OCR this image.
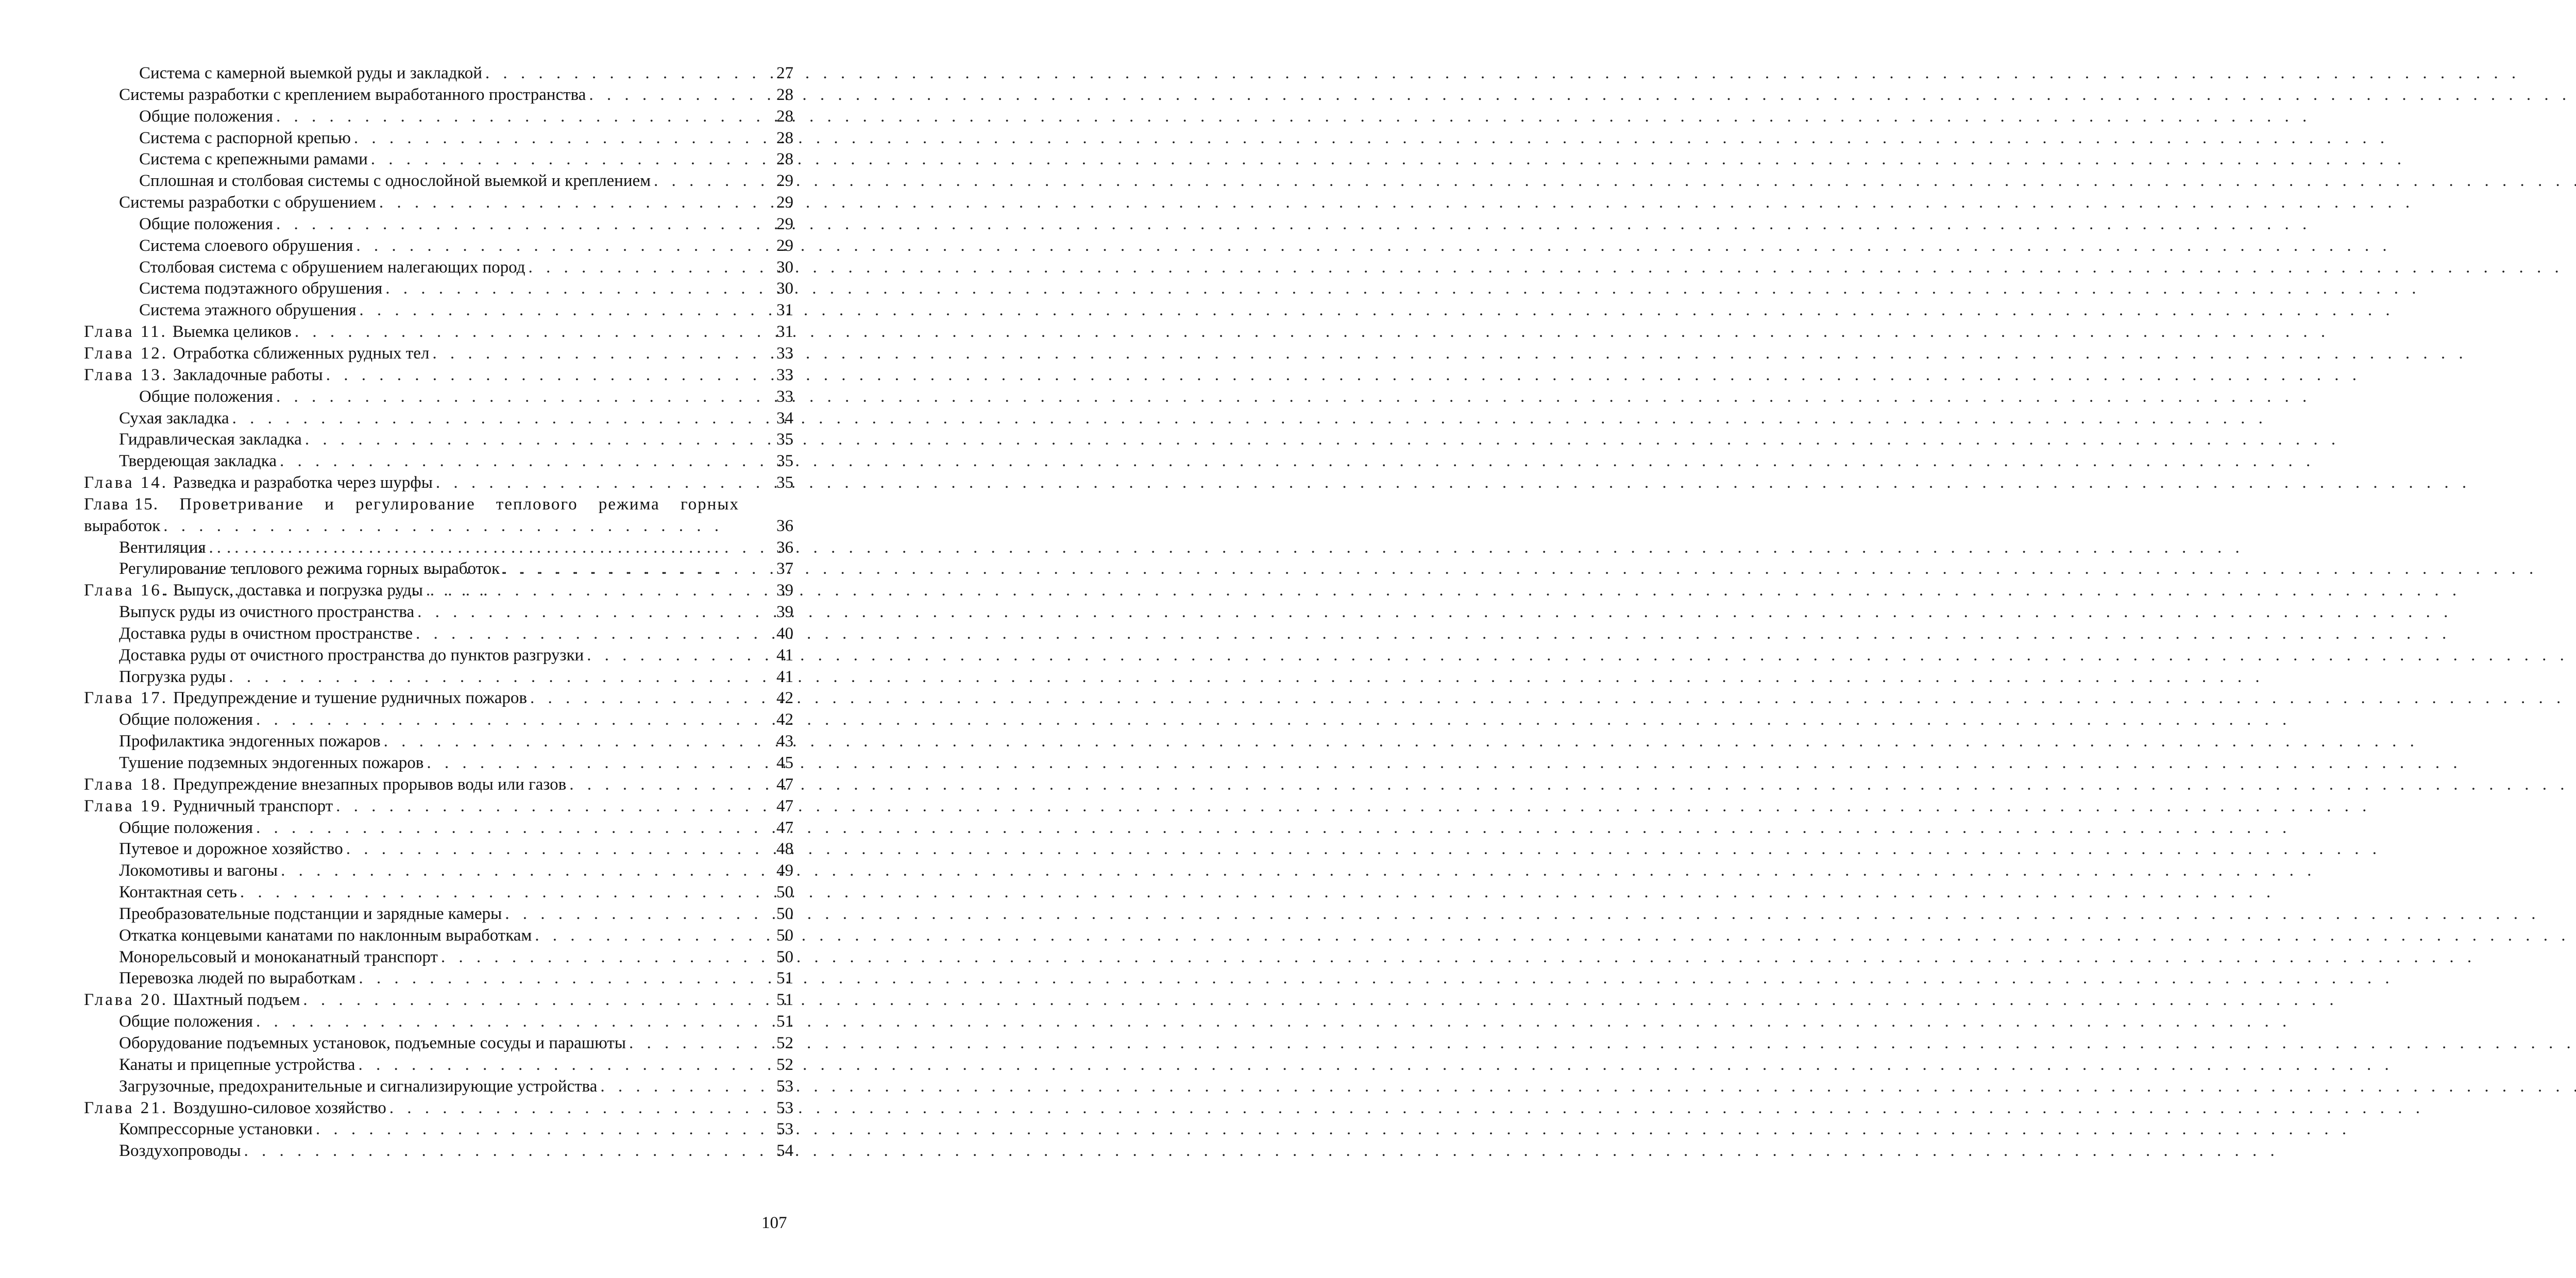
Система с камерной выемкой руды и закладкой . . .	27
Системы разработки с креплением выработанного пространства . . .	28
Общие положения . . .	28
Система с распорной крепью . . .	28
Система с крепежными рамами . . .	28
Сплошная и столбовая системы с однослойной выемкой и креплением . . .	29
Системы разработки с обрушением . . .	29
Общие положения . . .	29
Система слоевого обрушения . . .	29
Столбовая система с обрушением налегающих пород . . .	30
Система подэтажного обрушения . . .	30
Система этажного обрушения . . .	31
Глава 11. Выемка целиков . . .	31
Глава 12. Отработка сближенных рудных тел . . .	33
Глава 13. Закладочные работы . . .	33
Общие положения . . .	33
Сухая закладка . . .	34
Гидравлическая закладка . . .	35
Твердеющая закладка . . .	35
Глава 14. Разведка и разработка через шурфы . . .	35
Глава 15. Проветривание и регулирование теплового режима горных
выработок . . .	36
Вентиляция . . .	36
Регулирование теплового режима горных выработок . . .	37
Глава 16. Выпуск, доставка и погрузка руды . . .	39
Выпуск руды из очистного пространства . . .	39
Доставка руды в очистном пространстве . . .	40
Доставка руды от очистного пространства до пунктов разгрузки . . .	41
Погрузка руды . . .	41
Глава 17. Предупреждение и тушение рудничных пожаров . . .	42
Общие положения . . .	42
Профилактика эндогенных пожаров . . .	43
Тушение подземных эндогенных пожаров . . .	45
Глава 18. Предупреждение внезапных прорывов воды или газов . . .	47
Глава 19. Рудничный транспорт . . .	47
Общие положения . . .	47
Путевое и дорожное хозяйство . . .	48
Локомотивы и вагоны . . .	49
Контактная сеть . . .	50
Преобразовательные подстанции и зарядные камеры . . .	50
Откатка концевыми канатами по наклонным выработкам . . .	50
Монорельсовый и моноканатный транспорт . . .	50
Перевозка людей по выработкам . . .	51
Глава 20. Шахтный подъем . . .	51
Общие положения . . .	51
Оборудование подъемных установок, подъемные сосуды и парашюты . . .	52
Канаты и прицепные устройства . . .	52
Загрузочные, предохранительные и сигнализирующие устройства . . .	53
Глава 21. Воздушно-силовое хозяйство . . .	53
Компрессорные установки . . .	53
Воздухопроводы . . .	54
107
